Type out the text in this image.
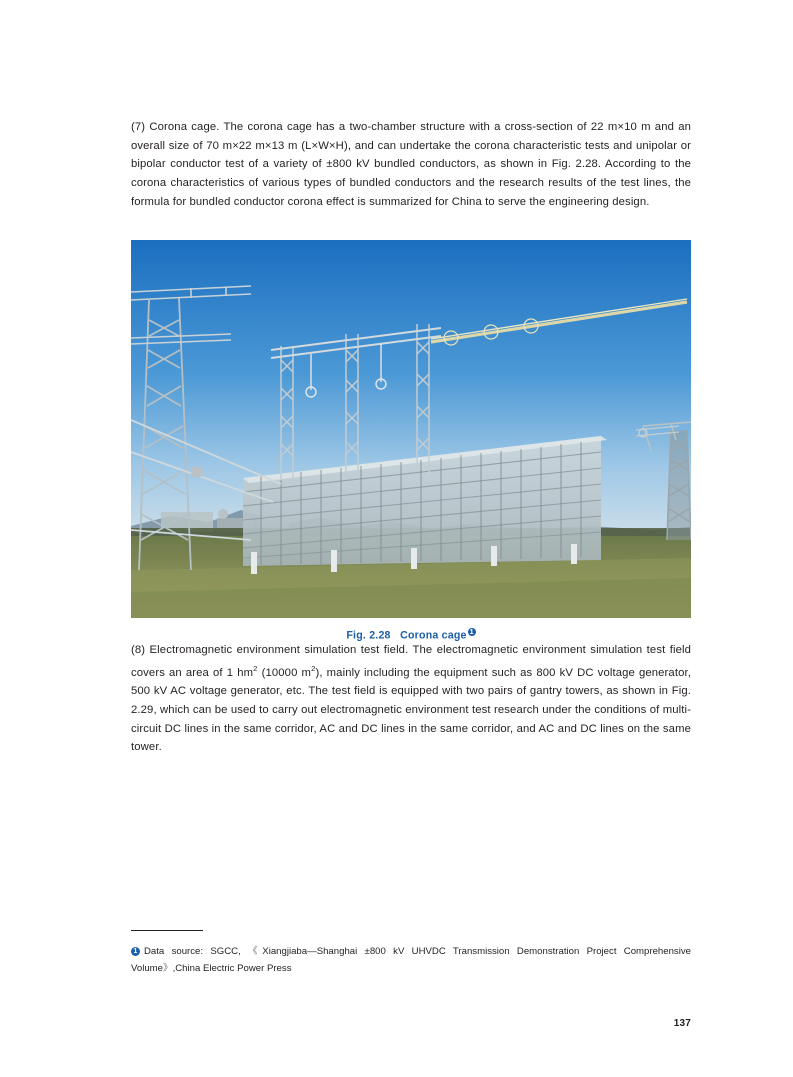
(7) Corona cage. The corona cage has a two-chamber structure with a cross-section of 22 m×10 m and an overall size of 70 m×22 m×13 m (L×W×H), and can undertake the corona characteristic tests and unipolar or bipolar conductor test of a variety of ±800 kV bundled conductors, as shown in Fig. 2.28. According to the corona characteristics of various types of bundled conductors and the research results of the test lines, the formula for bundled conductor corona effect is summarized for China to serve the engineering design.

Fig. 2.28 Corona cage 1

(8) Electromagnetic environment simulation test field. The electromagnetic environment simulation test field covers an area of 1 $hm^2$ (10000 $m^2$), mainly including the equipment such as 800 kV DC voltage generator, 500 kV AC voltage generator, etc. The test field is equipped with two pairs of gantry towers, as shown in Fig. 2.29, which can be used to carry out electromagnetic environment test research under the conditions of multi-circuit DC lines in the same corridor, AC and DC lines in the same corridor, and AC and DC lines on the same tower.

1 Data source: SGCC, 《Xiangjiaba—Shanghai ±800 kV UHVDC Transmission Demonstration Project Comprehensive Volume》,China Electric Power Press
137
